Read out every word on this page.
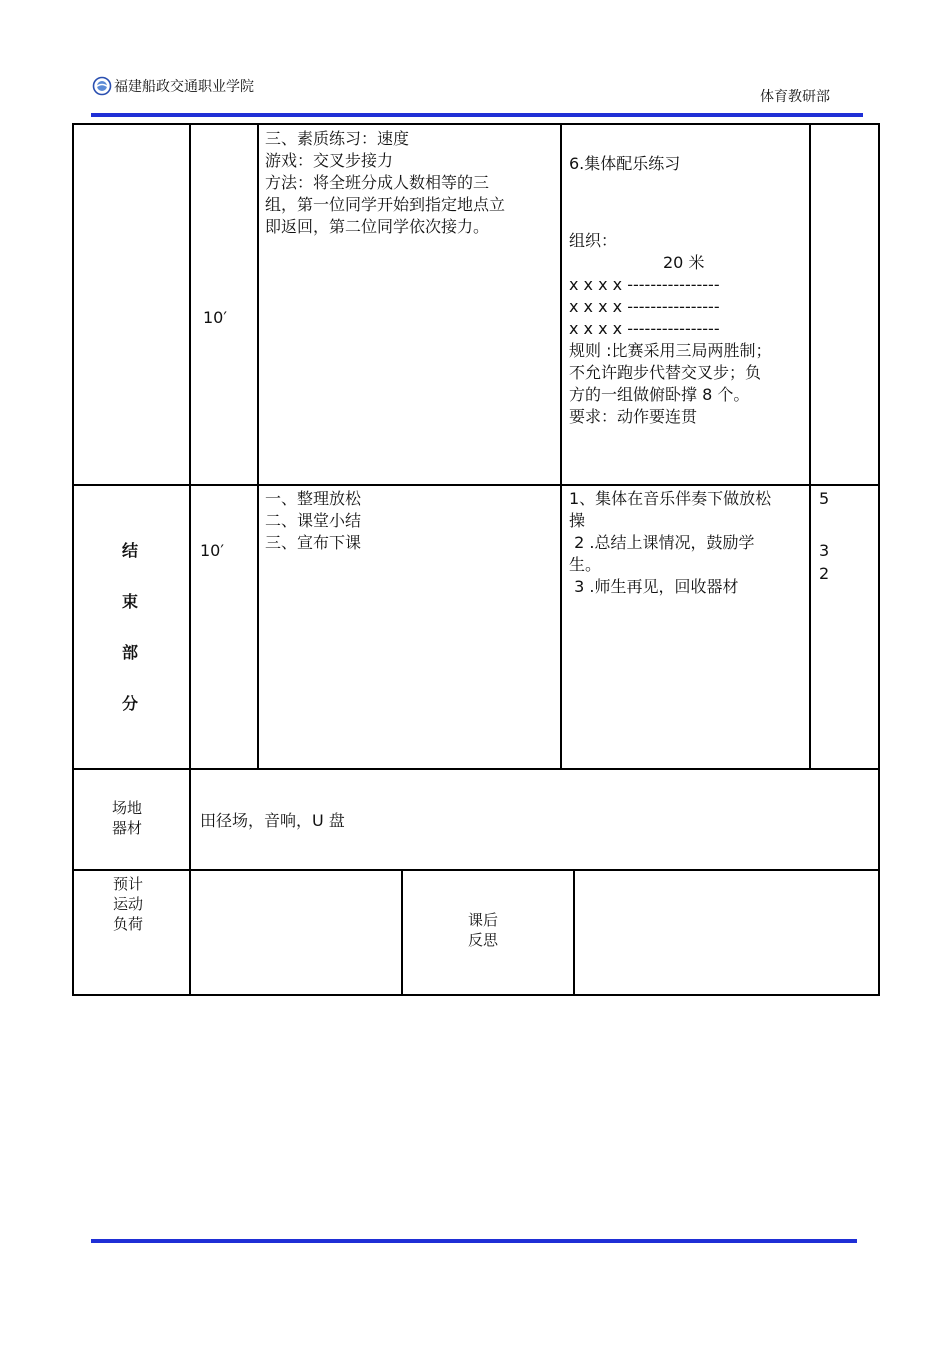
福建船政交通职业学院
体育教研部
10′
三、素质练习：速度
游戏：交叉步接力
方法：将全班分成人数相等的三
组，第一位同学开始到指定地点立
即返回，第二位同学依次接力。
6.集体配乐练习
组织：
20 米
x x x x ----------------
x x x x ----------------
x x x x ----------------
规则 :比赛采用三局两胜制；
不允许跑步代替交叉步；负
方的一组做俯卧撑 8 个。
要求：动作要连贯
结
束
部
分
10′
一、整理放松
二、课堂小结
三、宣布下课
1、集体在音乐伴奏下做放松
操
2 .总结上课情况，鼓励学
生。
3 .师生再见，回收器材
5
3
2
场地
器材	田径场，音响，U 盘
预计
运动
负荷	课后
反思
